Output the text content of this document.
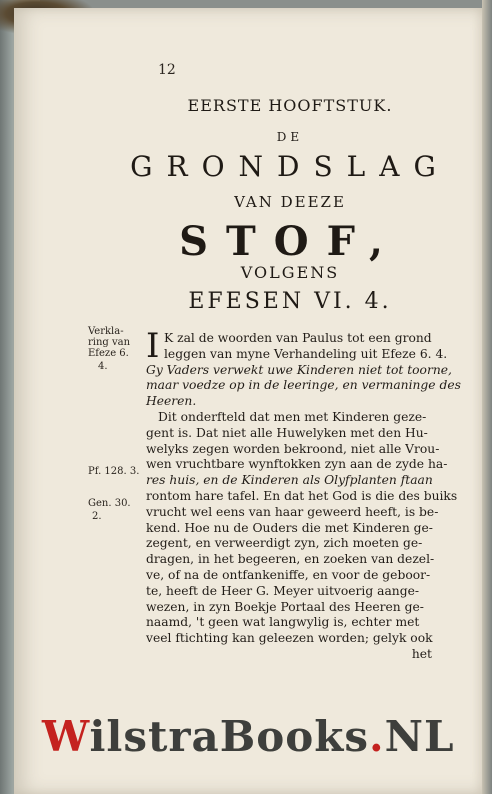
12
EERSTE HOOFTSTUK.
DE
GRONDSLAG
VAN DEEZE
STOF,
VOLGENS
EFESEN VI. 4.
Verkla-
ring van
Efeze 6.
4.
Pf. 128. 3.
Gen. 30.
2.
I K zal de woorden van Paulus tot een grond
leggen van myne Verhandeling uit Efeze 6. 4.
Gy Vaders verwekt uwe Kinderen niet tot toorne,
maar voedze op in de leeringe, en vermaninge des
Heeren.
Dit onderfteld dat men met Kinderen geze-
gent is. Dat niet alle Huwelyken met den Hu-
welyks zegen worden bekroond, niet alle Vrou-
wen vruchtbare wynftokken zyn aan de zyde ha-
res huis, en de Kinderen als Olyfplanten ftaan
rontom hare tafel. En dat het God is die des buiks
vrucht wel eens van haar geweerd heeft, is be-
kend. Hoe nu de Ouders die met Kinderen ge-
zegent, en verweerdigt zyn, zich moeten ge-
dragen, in het begeeren, en zoeken van dezel-
ve, of na de ontfankeniffe, en voor de geboor-
te, heeft de Heer G. Meyer uitvoerig aange-
wezen, in zyn Boekje Portaal des Heeren ge-
naamd, 't geen wat langwylig is, echter met
veel ftichting kan geleezen worden; gelyk ook
het
WilstraBooks.NL
